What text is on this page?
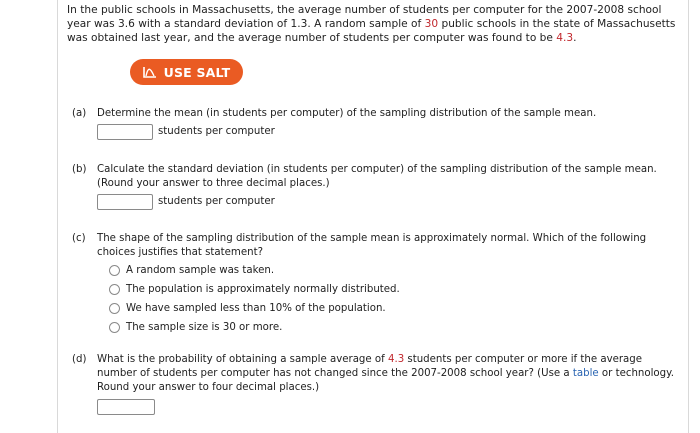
In the public schools in Massachusetts, the average number of students per computer for the 2007-2008 school year was 3.6 with a standard deviation of 1.3. A random sample of 30 public schools in the state of Massachusetts was obtained last year, and the average number of students per computer was found to be 4.3.
USE SALT
(a) Determine the mean (in students per computer) of the sampling distribution of the sample mean.
students per computer
(b) Calculate the standard deviation (in students per computer) of the sampling distribution of the sample mean. (Round your answer to three decimal places.)
students per computer
(c) The shape of the sampling distribution of the sample mean is approximately normal. Which of the following choices justifies that statement?
A random sample was taken.
The population is approximately normally distributed.
We have sampled less than 10% of the population.
The sample size is 30 or more.
(d) What is the probability of obtaining a sample average of 4.3 students per computer or more if the average number of students per computer has not changed since the 2007-2008 school year? (Use a table or technology. Round your answer to four decimal places.)
